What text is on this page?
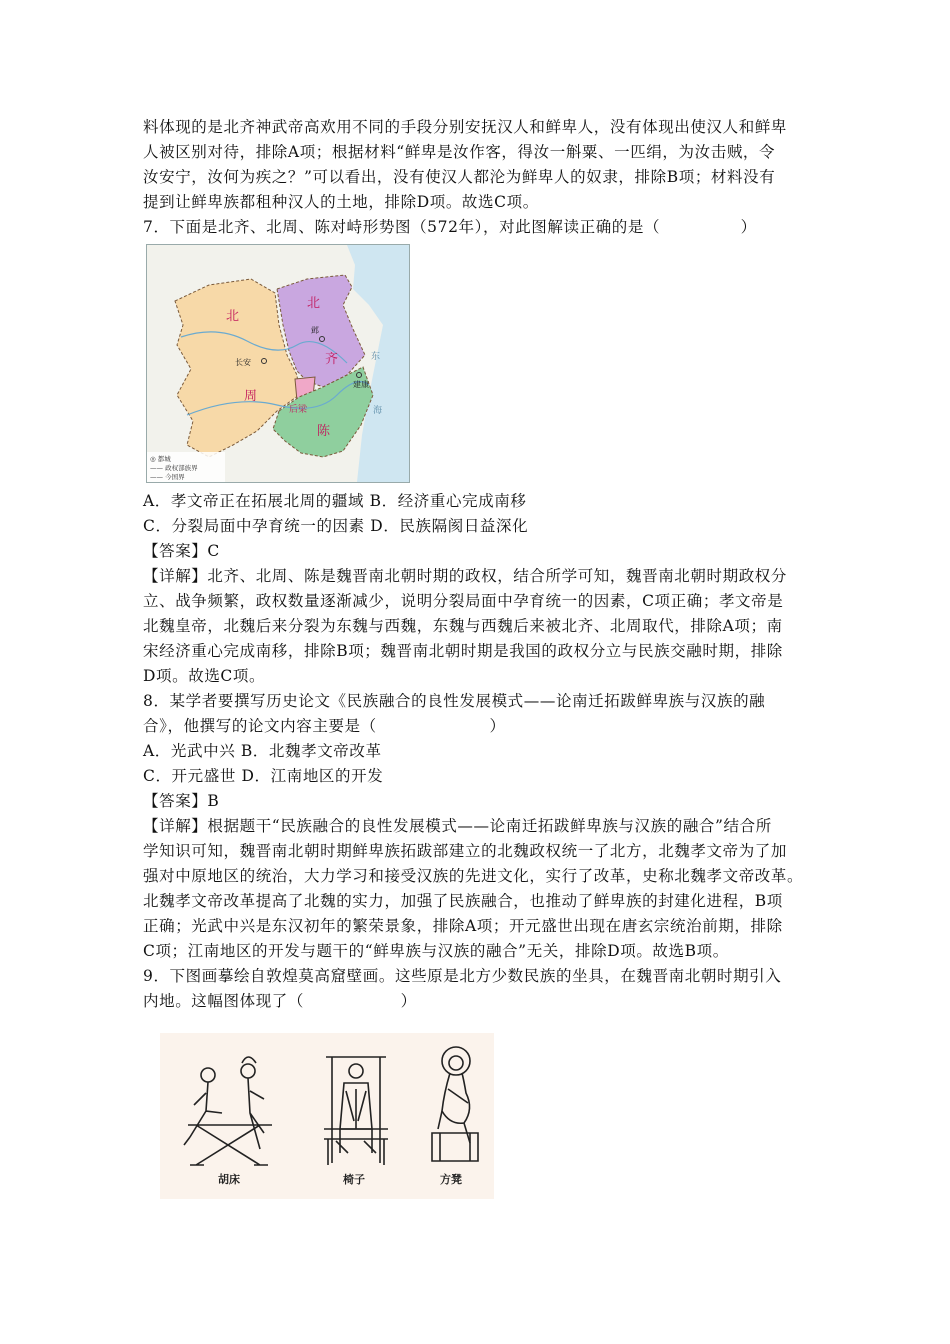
料体现的是北齐神武帝高欢用不同的手段分别安抚汉人和鲜卑人，没有体现出使汉人和鲜卑
人被区别对待，排除A项；根据材料“鲜卑是汝作客，得汝一斛粟、一匹绢，为汝击贼，令
汝安宁，汝何为疾之？”可以看出，没有使汉人都沦为鲜卑人的奴隶，排除B项；材料没有
提到让鲜卑族都租种汉人的土地，排除D项。故选C项。
7．下面是北齐、北周、陈对峙形势图（572年），对此图解读正确的是（　　　　　）
北
周
北
齐
陈
后梁
长安
邺
建康
东
海
◎ 都城
—— 政权部族界
—— 今国界
A．孝文帝正在拓展北周的疆域 B．经济重心完成南移
C．分裂局面中孕育统一的因素 D．民族隔阂日益深化
【答案】C
【详解】北齐、北周、陈是魏晋南北朝时期的政权，结合所学可知，魏晋南北朝时期政权分
立、战争频繁，政权数量逐渐减少，说明分裂局面中孕育统一的因素，C项正确；孝文帝是
北魏皇帝，北魏后来分裂为东魏与西魏，东魏与西魏后来被北齐、北周取代，排除A项；南
宋经济重心完成南移，排除B项；魏晋南北朝时期是我国的政权分立与民族交融时期，排除
D项。故选C项。
8．某学者要撰写历史论文《民族融合的良性发展模式——论南迁拓跋鲜卑族与汉族的融
合》，他撰写的论文内容主要是（　　　　　　　）
A．光武中兴 B．北魏孝文帝改革
C．开元盛世 D．江南地区的开发
【答案】B
【详解】根据题干“民族融合的良性发展模式——论南迁拓跋鲜卑族与汉族的融合”结合所
学知识可知，魏晋南北朝时期鲜卑族拓跋部建立的北魏政权统一了北方，北魏孝文帝为了加
强对中原地区的统治，大力学习和接受汉族的先进文化，实行了改革，史称北魏孝文帝改革。
北魏孝文帝改革提高了北魏的实力，加强了民族融合，也推动了鲜卑族的封建化进程，B项
正确；光武中兴是东汉初年的繁荣景象，排除A项；开元盛世出现在唐玄宗统治前期，排除
C项；江南地区的开发与题干的“鲜卑族与汉族的融合”无关，排除D项。故选B项。
9．下图画摹绘自敦煌莫高窟壁画。这些原是北方少数民族的坐具，在魏晋南北朝时期引入
内地。这幅图体现了（　　　　　　）
胡床	椅子	方凳
